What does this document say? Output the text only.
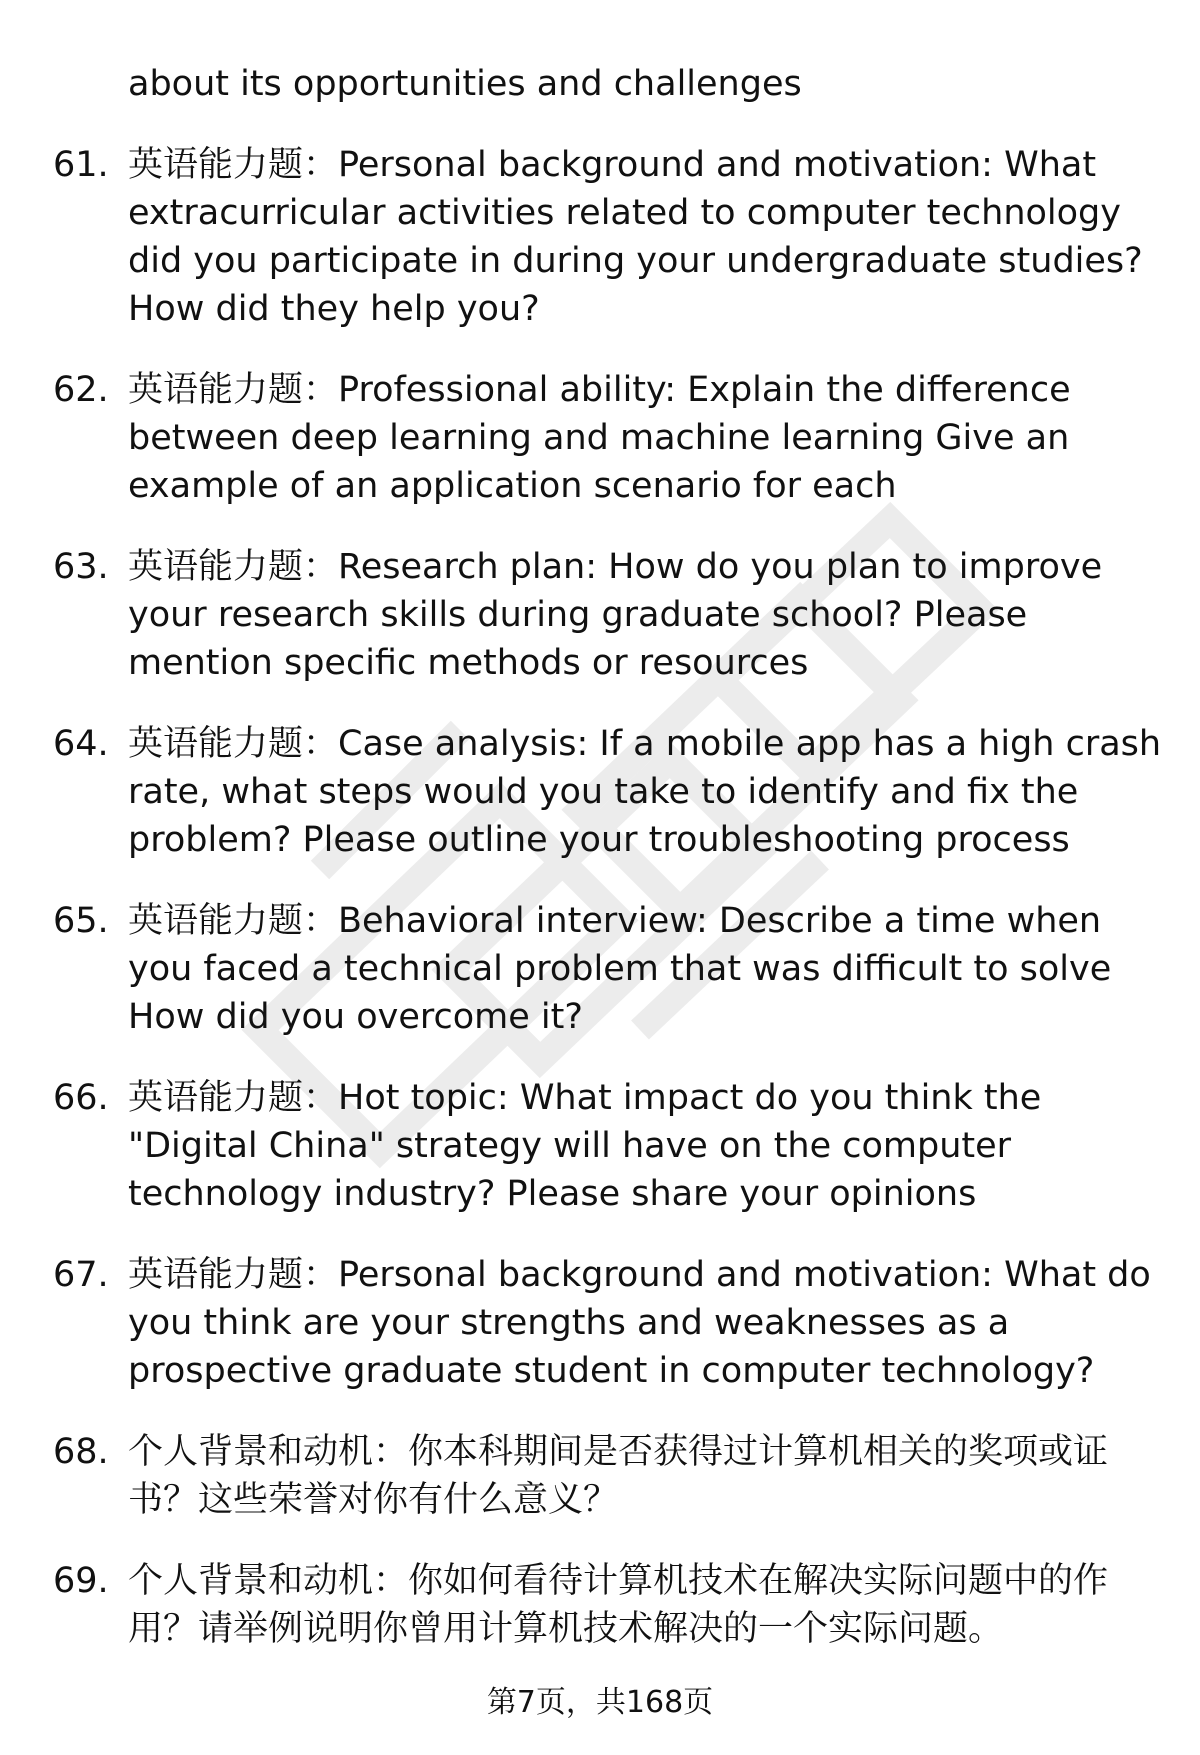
about its opportunities and challenges

61. 英语能力题：Personal background and motivation: What
extracurricular activities related to computer technology
did you participate in during your undergraduate studies?
How did they help you?
62. 英语能力题：Professional ability: Explain the difference
between deep learning and machine learning Give an
example of an application scenario for each
63. 英语能力题：Research plan: How do you plan to improve
your research skills during graduate school? Please
mention specific methods or resources
64. 英语能力题：Case analysis: If a mobile app has a high crash
rate, what steps would you take to identify and fix the
problem? Please outline your troubleshooting process
65. 英语能力题：Behavioral interview: Describe a time when
you faced a technical problem that was difficult to solve
How did you overcome it?
66. 英语能力题：Hot topic: What impact do you think the
"Digital China" strategy will have on the computer
technology industry? Please share your opinions
67. 英语能力题：Personal background and motivation: What do
you think are your strengths and weaknesses as a
prospective graduate student in computer technology?
68. 个人背景和动机：你本科期间是否获得过计算机相关的奖项或证
书？这些荣誉对你有什么意义？
69. 个人背景和动机：你如何看待计算机技术在解决实际问题中的作
用？请举例说明你曾用计算机技术解决的一个实际问题。
第7页，共168页
